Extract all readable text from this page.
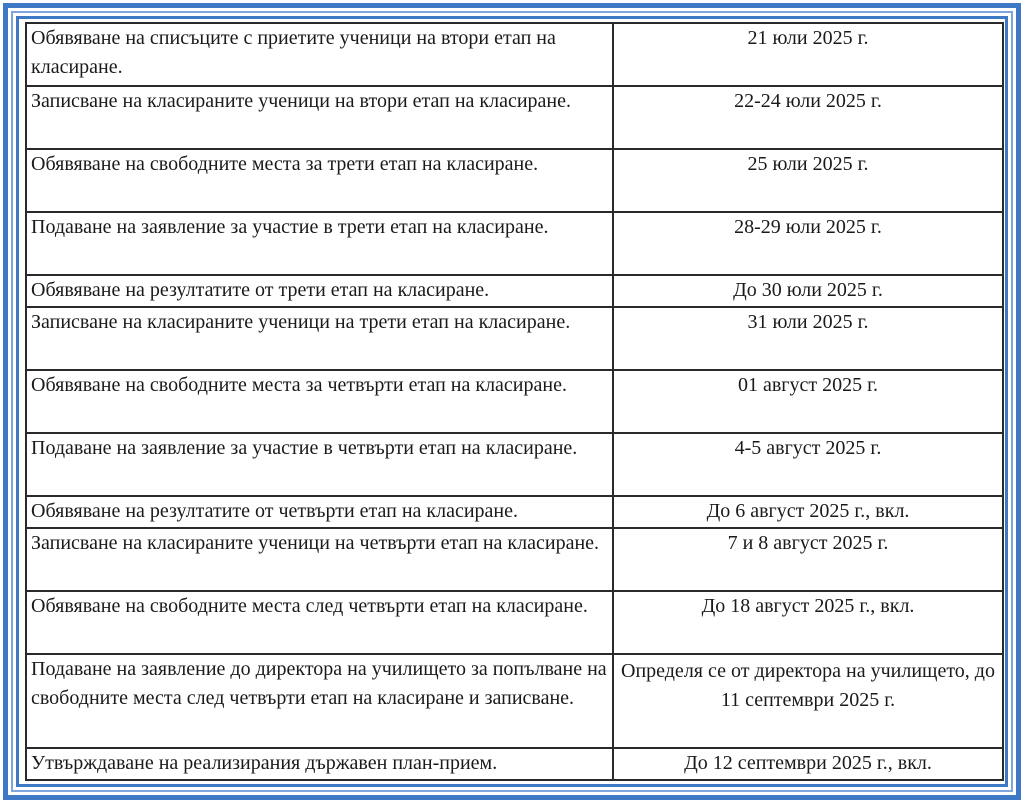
Обявяване на списъците с приетите ученици на втори етап на класиране.	21 юли 2025 г.
Записване на класираните ученици на втори етап на класиране.	22-24 юли 2025 г.
Обявяване на свободните места за трети етап на класиране.	25 юли 2025 г.
Подаване на заявление за участие в трети етап на класиране.	28-29 юли 2025 г.
Обявяване на резултатите от трети етап на класиране.	До 30 юли 2025 г.
Записване на класираните ученици на трети етап на класиране.	31 юли 2025 г.
Обявяване на свободните места за четвърти етап на класиране.	01 август 2025 г.
Подаване на заявление за участие в четвърти етап на класиране.	4-5 август 2025 г.
Обявяване на резултатите от четвърти етап на класиране.	До 6 август 2025 г., вкл.
Записване на класираните ученици на четвърти етап на класиране.	7 и 8 август 2025 г.
Обявяване на свободните места след четвърти етап на класиране.	До 18 август 2025 г., вкл.
Подаване на заявление до директора на училището за попълване на свободните места след четвърти етап на класиране и записване.	Определя се от директора на училището, до 11 септември 2025 г.
Утвърждаване на реализирания държавен план-прием.	До 12 септември 2025 г., вкл.
